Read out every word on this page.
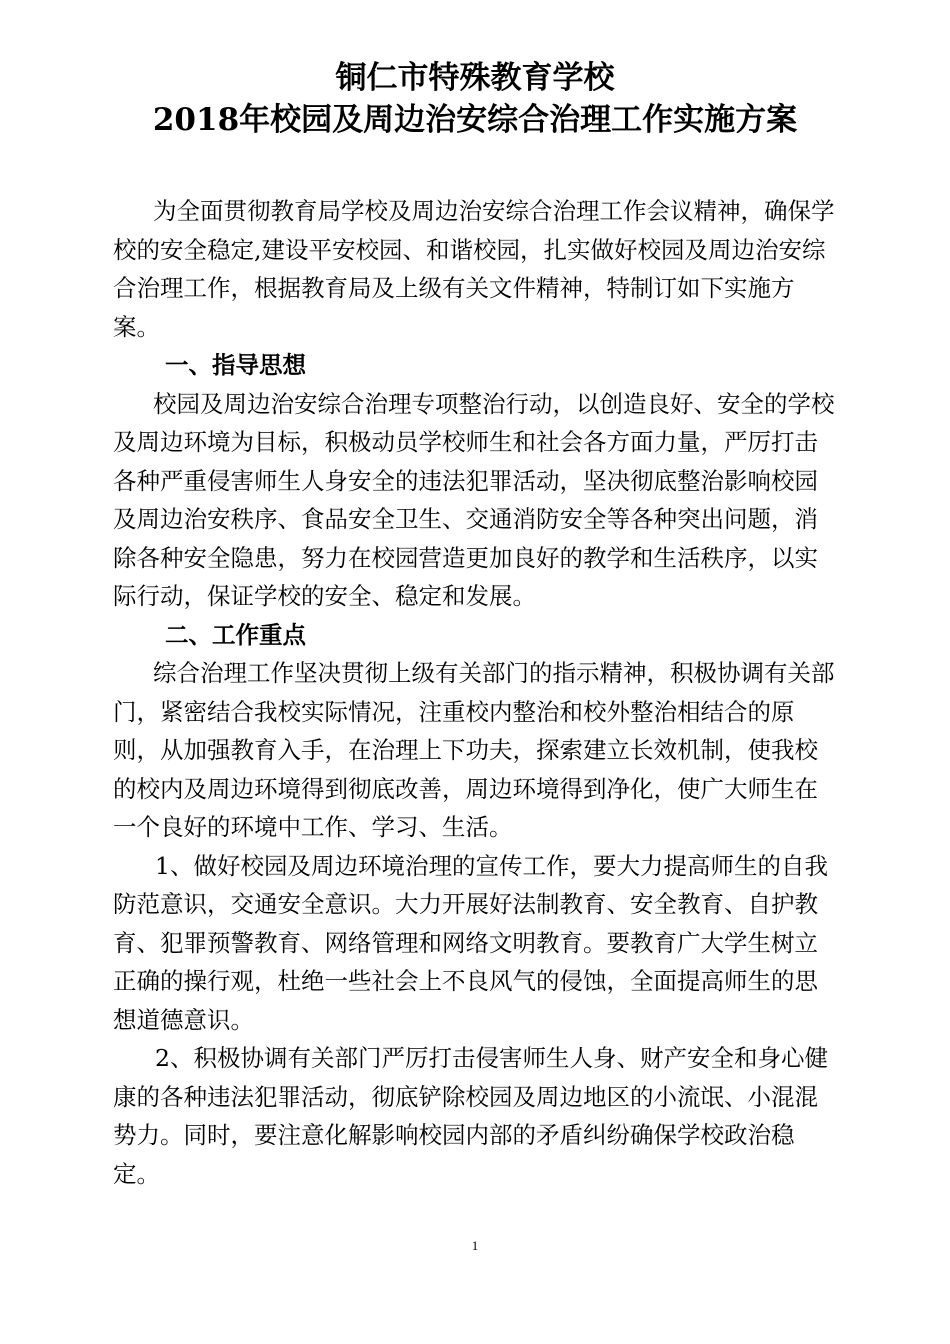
铜仁市特殊教育学校
2018年校园及周边治安综合治理工作实施方案

为全面贯彻教育局学校及周边治安综合治理工作会议精神，确保学校的安全稳定,建设平安校园、和谐校园，扎实做好校园及周边治安综合治理工作，根据教育局及上级有关文件精神，特制订如下实施方案。

一、指导思想

校园及周边治安综合治理专项整治行动，以创造良好、安全的学校及周边环境为目标，积极动员学校师生和社会各方面力量，严厉打击各种严重侵害师生人身安全的违法犯罪活动，坚决彻底整治影响校园及周边治安秩序、食品安全卫生、交通消防安全等各种突出问题，消除各种安全隐患，努力在校园营造更加良好的教学和生活秩序，以实际行动，保证学校的安全、稳定和发展。

二、工作重点

综合治理工作坚决贯彻上级有关部门的指示精神，积极协调有关部门，紧密结合我校实际情况，注重校内整治和校外整治相结合的原则，从加强教育入手，在治理上下功夫，探索建立长效机制，使我校的校内及周边环境得到彻底改善，周边环境得到净化，使广大师生在一个良好的环境中工作、学习、生活。

1、做好校园及周边环境治理的宣传工作，要大力提高师生的自我防范意识，交通安全意识。大力开展好法制教育、安全教育、自护教育、犯罪预警教育、网络管理和网络文明教育。要教育广大学生树立正确的操行观，杜绝一些社会上不良风气的侵蚀，全面提高师生的思想道德意识。

2、积极协调有关部门严厉打击侵害师生人身、财产安全和身心健康的各种违法犯罪活动，彻底铲除校园及周边地区的小流氓、小混混势力。同时，要注意化解影响校园内部的矛盾纠纷确保学校政治稳定。

1
